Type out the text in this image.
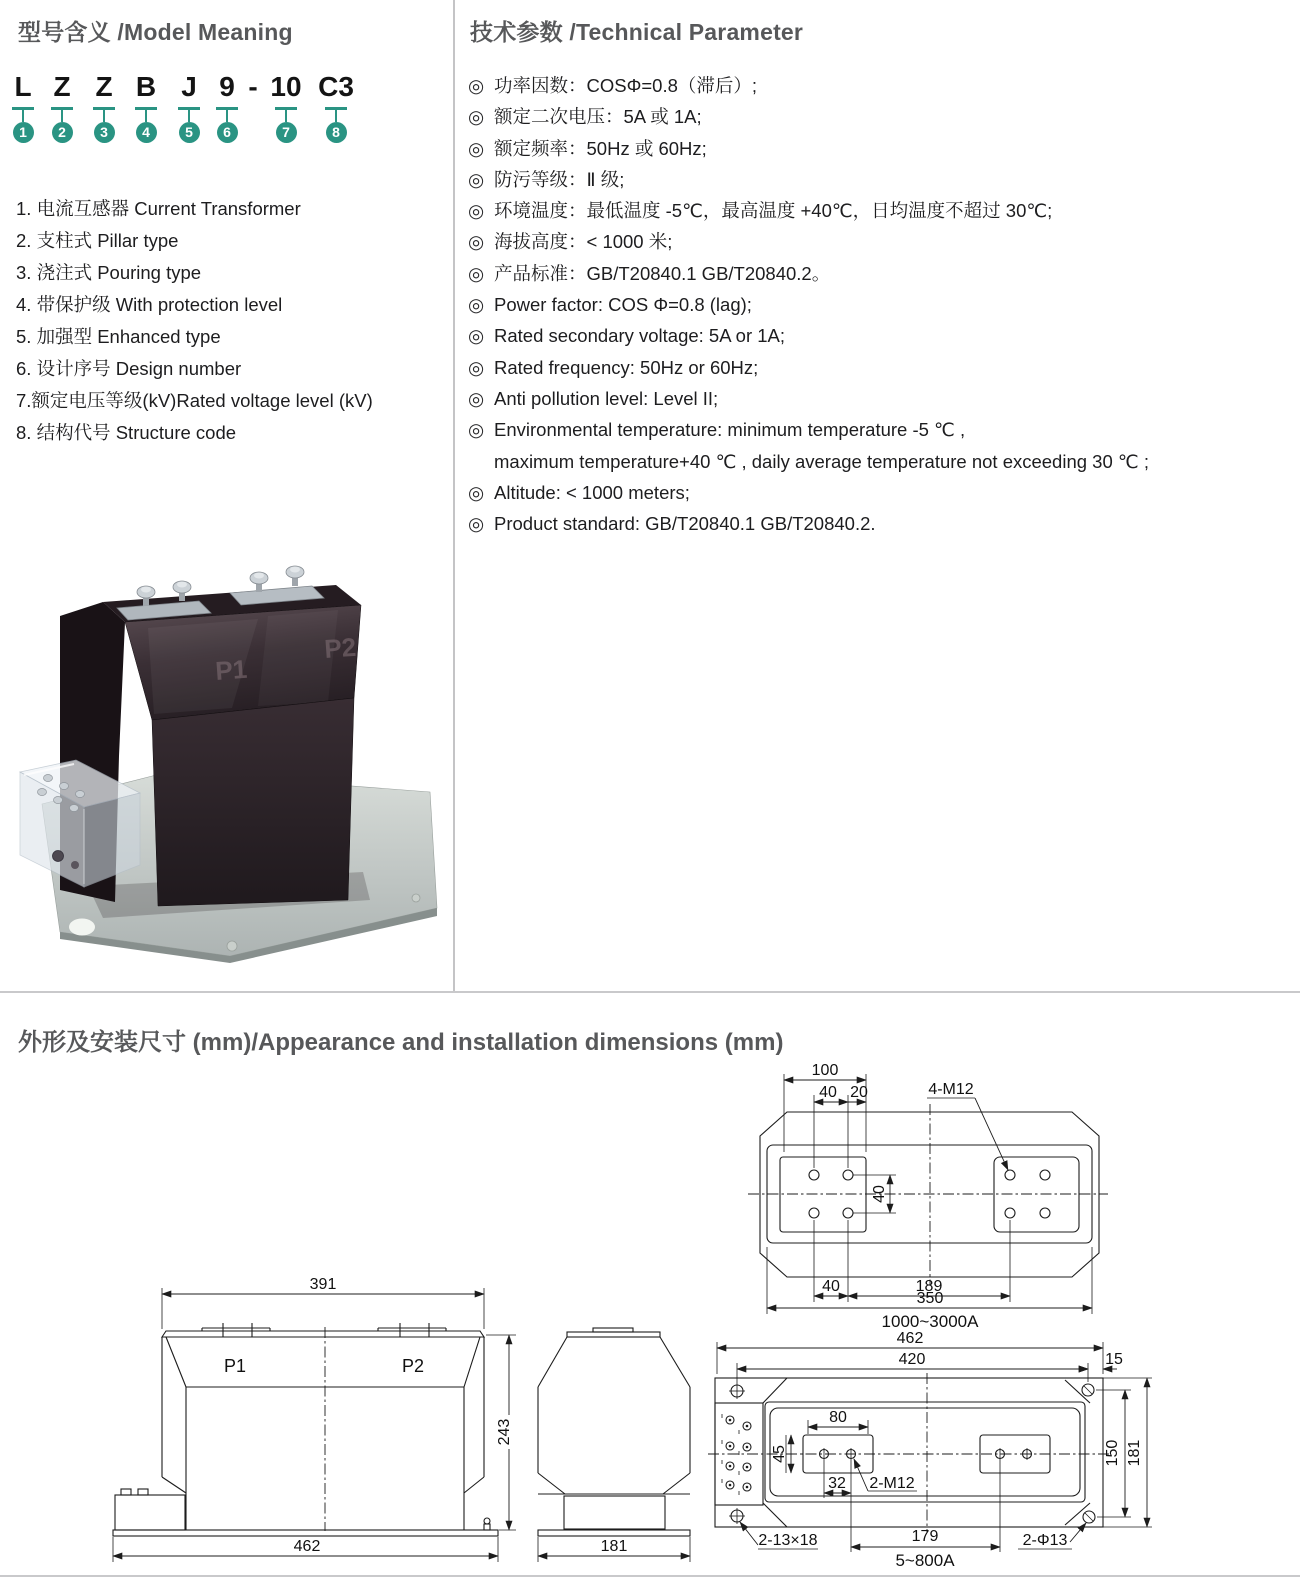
型号含义 /Model Meaning
L
1
Z
2
Z
3
B
4
J
5
9
6
- 10
7
C3
8
1. 电流互感器 Current Transformer
2. 支柱式 Pillar type
3. 浇注式 Pouring type
4. 带保护级 With protection level
5. 加强型 Enhanced type
6. 设计序号 Design number
7.额定电压等级(kV)Rated voltage level (kV)
8. 结构代号 Structure code
P1
P2
技术参数 /Technical Parameter
◎ 功率因数：COSΦ=0.8（滞后）;
◎ 额定二次电压：5A 或 1A;
◎ 额定频率：50Hz 或 60Hz;
◎ 防污等级：Ⅱ 级;
◎ 环境温度：最低温度 -5℃，最高温度 +40℃，日均温度不超过 30℃;
◎ 海拔高度：< 1000 米;
◎ 产品标准：GB/T20840.1 GB/T20840.2。
◎ Power factor: COS Φ=0.8 (lag);
◎ Rated secondary voltage: 5A or 1A;
◎ Rated frequency: 50Hz or 60Hz;
◎ Anti pollution level: Level II;
◎ Environmental temperature: minimum temperature -5 ℃ ,
maximum temperature+40 ℃ , daily average temperature not exceeding 30 ℃ ;
◎ Altitude: < 1000 meters;
◎ Product standard: GB/T20840.1 GB/T20840.2.
外形及安装尺寸 (mm)/Appearance and installation dimensions (mm)
100
40 20
40
40	189
350
4-M12
1000~3000A
P1	P2
391
243
462	181
462
420	15
80
45
32 2-M12
150 181
2-13×18	179	2-Φ13
5~800A
